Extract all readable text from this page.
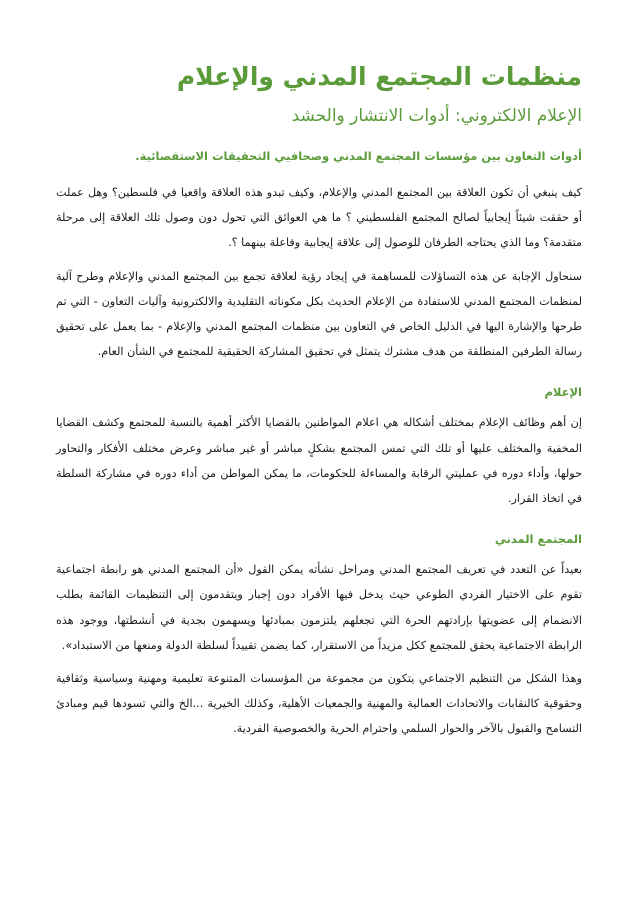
منظمات المجتمع المدني والإعلام
الإعلام الالكتروني: أدوات الانتشار والحشد

أدوات التعاون بين مؤسسات المجتمع المدني وصحافيي التحقيقات الاستقصائية.

كيف ينبغي أن تكون العلاقة بين المجتمع المدني والإعلام، وكيف تبدو هذه العلاقة واقعيا في فلسطين؟ وهل عملت أو حققت شيئاً إيجابياً لصالح المجتمع الفلسطيني ؟ ما هي العوائق التي تحول دون وصول تلك العلاقة إلى مرحلة متقدمة؟ وما الذي يحتاجه الطرفان للوصول إلى علاقة إيجابية وفاعلة بينهما ؟.

سنحاول الإجابة عن هذه التساؤلات للمساهمة في إيجاد رؤية لعلاقة تجمع بين المجتمع المدني والإعلام وطرح آلية لمنظمات المجتمع المدني للاستفادة من الإعلام الحديث بكل مكوناته التقليدية والالكترونية وآليات التعاون - التي تم طرحها والإشارة اليها في الدليل الخاص في التعاون بين منظمات المجتمع المدني والإعلام - بما يعمل على تحقيق رسالة الطرفين المنطلقة من هدف مشترك يتمثل في تحقيق المشاركة الحقيقية للمجتمع في الشأن العام.

الإعلام

إن أهم وظائف الإعلام بمختلف أشكاله هي اعلام المواطنين بالقضايا الأكثر أهمية بالنسبة للمجتمع وكشف القضايا المخفية والمختلف عليها أو تلك التي تمس المجتمع بشكلٍ مباشر أو غير مباشر وعرض مختلف الأفكار والتحاور حولها، وأداء دوره في عمليتي الرقابة والمساءلة للحكومات، ما يمكن المواطن من أداء دوره في مشاركة السلطة في اتخاذ القرار.

المجتمع المدني

بعيداً عن التعدد في تعريف المجتمع المدني ومراحل نشأته يمكن القول «أن المجتمع المدني هو رابطة اجتماعية تقوم على الاختيار الفردي الطوعي حيث يدخل فيها الأفراد دون إجبار ويتقدمون إلى التنظيمات القائمة بطلب الانضمام إلى عضويتها بإرادتهم الحرة التي تجعلهم يلتزمون بمبادئها ويسهمون بجدية في أنشطتها، ووجود هذه الرابطة الاجتماعية يحقق للمجتمع ككل مزيداً من الاستقرار، كما يضمن تقييداً لسلطة الدولة ومنعها من الاستبداد».

وهذا الشكل من التنظيم الاجتماعي يتكون من مجموعة من المؤسسات المتنوعة تعليمية ومهنية وسياسية وثقافية وحقوقية كالنقابات والاتحادات العمالية والمهنية والجمعيات الأهلية، وكذلك الخيرية ...الخ والتي تسودها قيم ومبادئ التسامح والقبول بالآخر والحوار السلمي واحترام الحرية والخصوصية الفردية.
